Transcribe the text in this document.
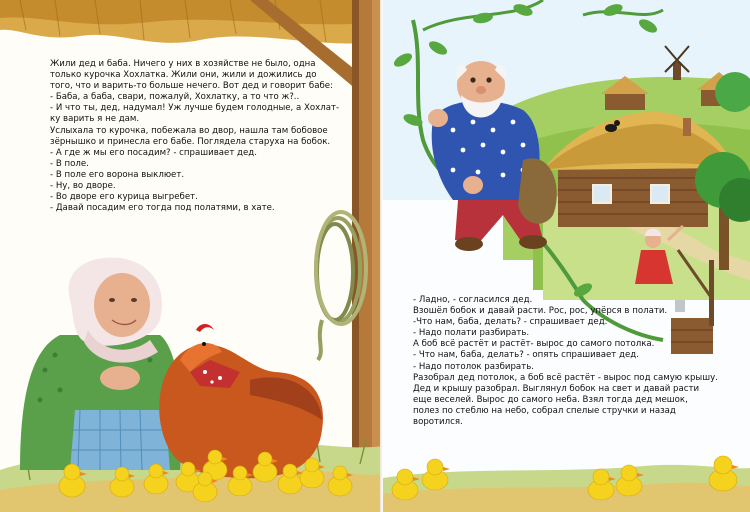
Жили дед и баба. Ничего у них в хозяйстве не было, одна

только курочка Хохлатка. Жили они, жили и дожились до

того, что и варить-то больше нечего. Вот дед и говорит бабе:

- Баба, а баба, свари, пожалуй, Хохлатку, а то что ж?..

- И что ты, дед, надумал! Уж лучше будем голодные, а Хохлат-

ку варить я не дам.

Услыхала то курочка, побежала во двор, нашла там бобовое

зёрнышко и принесла его бабе. Поглядела старуха на бобок.

- А где ж мы его посадим? - спрашивает дед.

- В поле.

- В поле его ворона выклюет.

- Ну, во дворе.

- Во дворе его курица выгребет.

- Давай посадим его тогда под полатями, в хате.

- Ладно, - согласился дед.

Взошёл бобок и давай расти. Рос, рос, упёрся в полати.

-Что нам, баба, делать? - спрашивает дед.

- Надо полати разбирать.

А боб всё растёт и растёт- вырос до самого потолка.

- Что нам, баба, делать? - опять спрашивает дед.

- Надо потолок разбирать.

Разобрал дед потолок, а боб всё растёт - вырос под самую крышу.

Дед и крышу разобрал. Выглянул бобок на свет и давай расти

еще веселей. Вырос до самого неба. Взял тогда дед мешок,

полез по стеблю на небо, собрал спелые стручки и назад

воротился.
